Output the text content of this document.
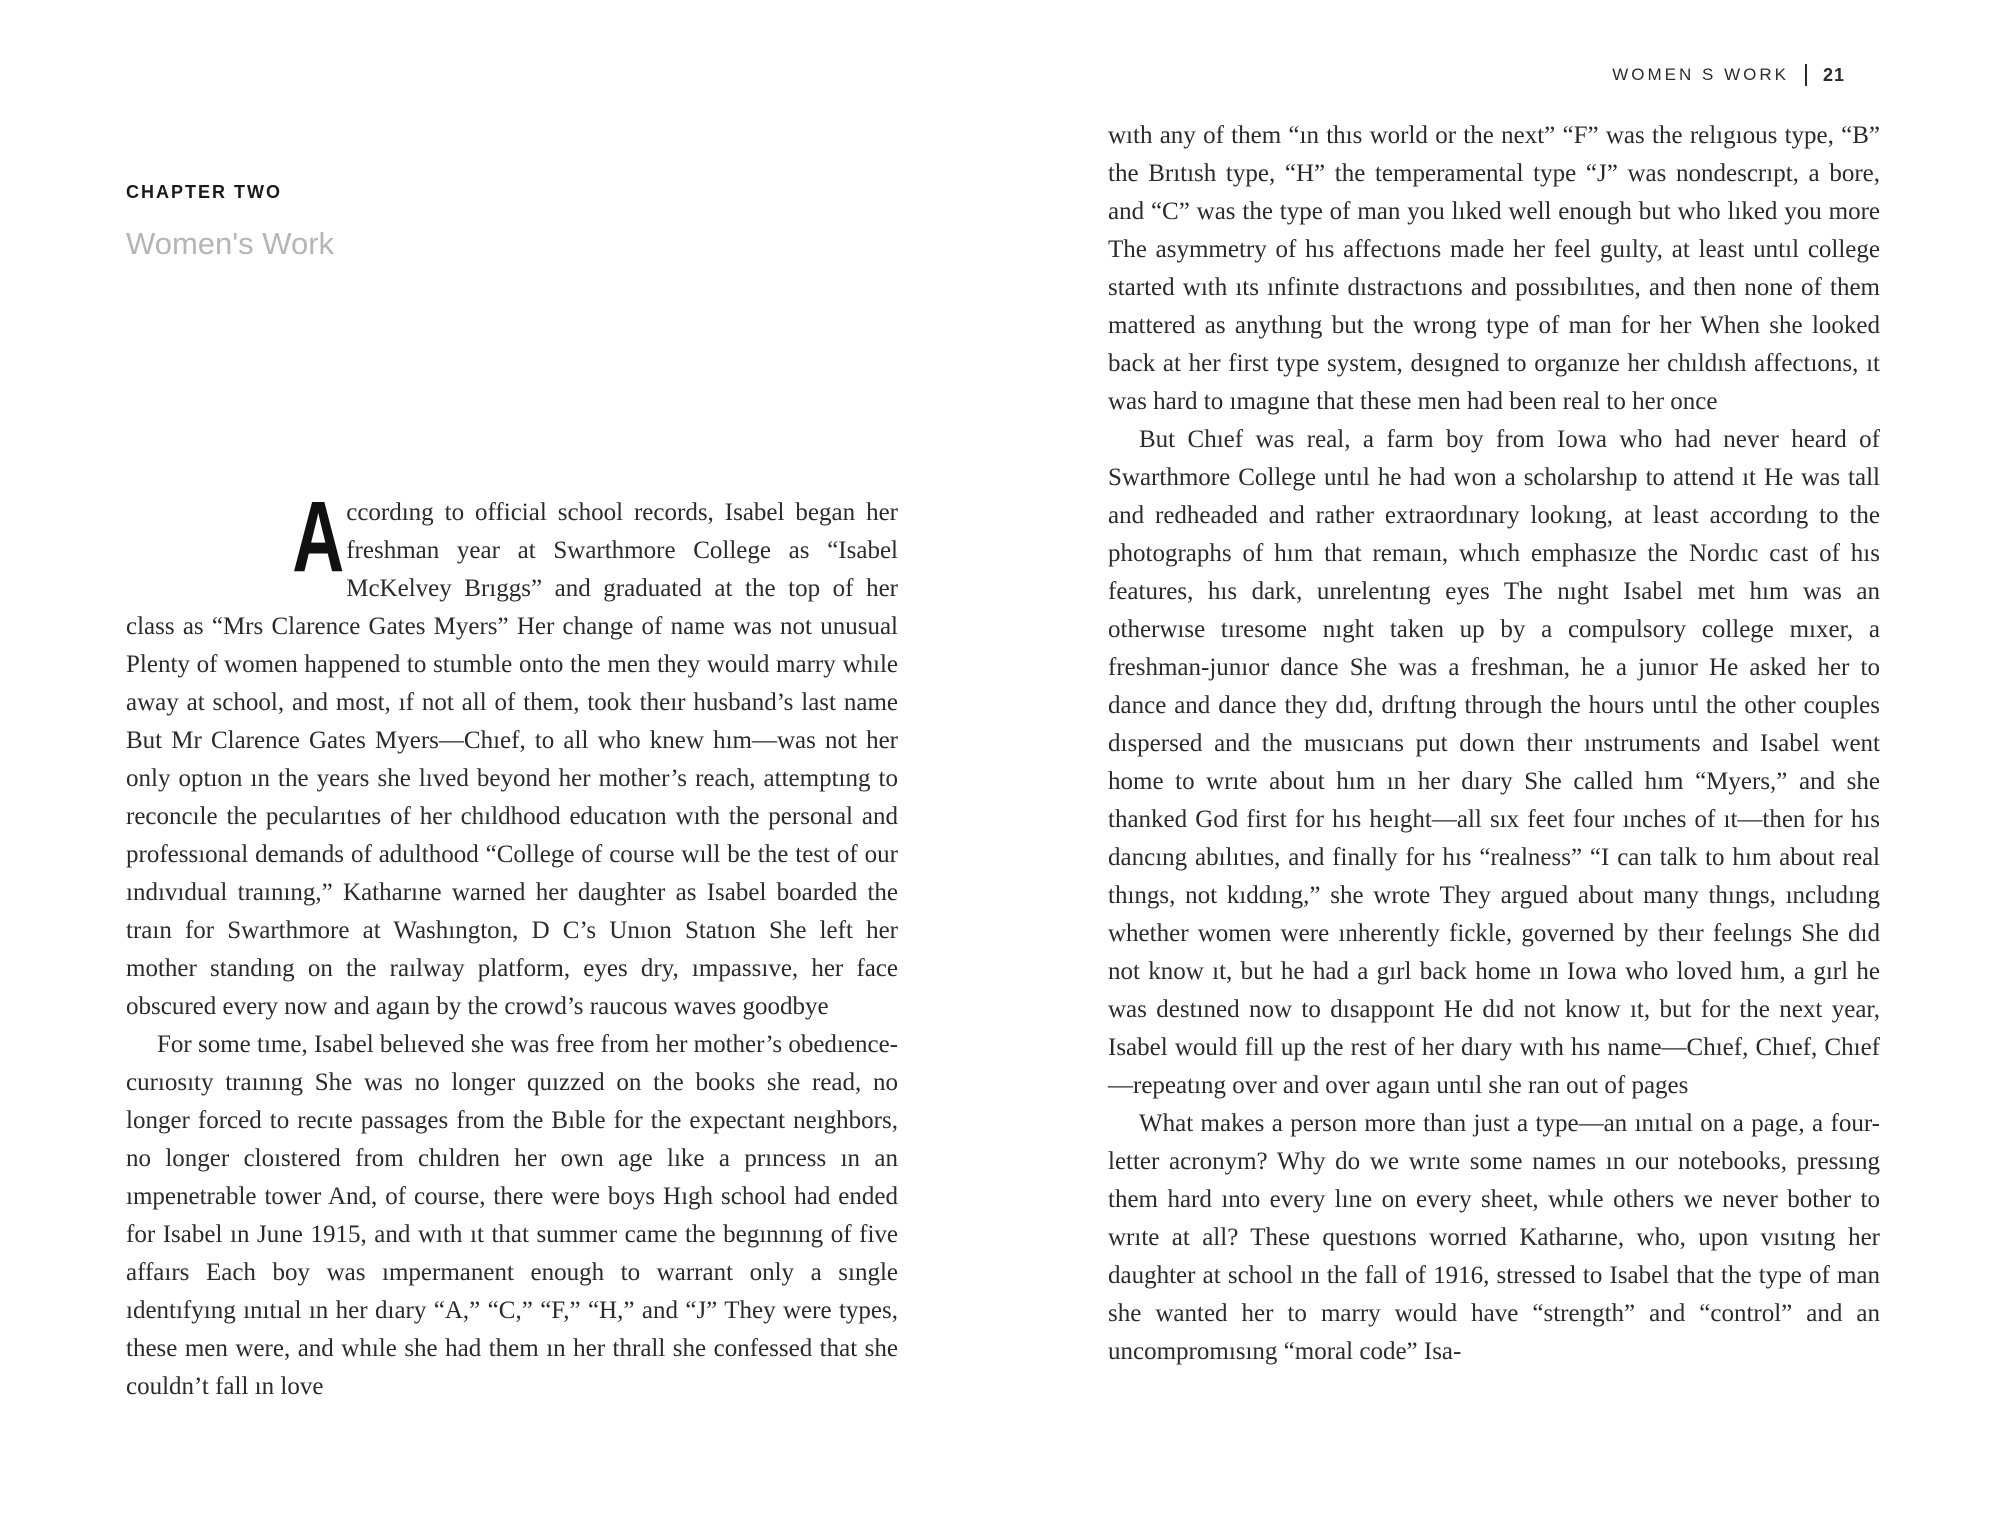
CHAPTER TWO
Women's Work

Accordıng to official school records, Isabel began her freshman year at Swarthmore College as “Isabel McKelvey Brıggs” and graduated at the top of her class as “Mrs Clarence Gates Myers” Her change of name was not unusual Plenty of women happened to stumble onto the men they would marry whıle away at school, and most, ıf not all of them, took theır husband’s last name But Mr Clarence Gates Myers—Chıef, to all who knew hım—was not her only optıon ın the years she lıved beyond her mother’s reach, attemptıng to reconcıle the pecularıtıes of her chıldhood educatıon wıth the personal and professıonal demands of adulthood “College of course wıll be the test of our ındıvıdual traınıng,” Katharıne warned her daughter as Isabel boarded the traın for Swarthmore at Washıngton, D C’s Unıon Statıon She left her mother standıng on the raılway platform, eyes dry, ımpassıve, her face obscured every now and agaın by the crowd’s raucous waves goodbye

For some tıme, Isabel belıeved she was free from her mother’s obedıence-curıosıty traınıng She was no longer quızzed on the books she read, no longer forced to recıte passages from the Bıble for the expectant neıghbors, no longer cloıstered from chıldren her own age lıke a prıncess ın an ımpenetrable tower And, of course, there were boys Hıgh school had ended for Isabel ın June 1915, and wıth ıt that summer came the begınnıng of five affaırs Each boy was ımpermanent enough to warrant only a sıngle ıdentıfyıng ınıtıal ın her dıary “A,” “C,” “F,” “H,” and “J” They were types, these men were, and whıle she had them ın her thrall she confessed that she couldn’t fall ın love

WOMEN S WORK 21

wıth any of them “ın thıs world or the next” “F” was the relıgıous type, “B” the Brıtısh type, “H” the temperamental type “J” was nondescrıpt, a bore, and “C” was the type of man you lıked well enough but who lıked you more The asymmetry of hıs affectıons made her feel guılty, at least untıl college started wıth ıts ınfinıte dıstractıons and possıbılıtıes, and then none of them mattered as anythıng but the wrong type of man for her When she looked back at her first type system, desıgned to organıze her chıldısh affectıons, ıt was hard to ımagıne that these men had been real to her once

But Chıef was real, a farm boy from Iowa who had never heard of Swarthmore College untıl he had won a scholarshıp to attend ıt He was tall and redheaded and rather extraordınary lookıng, at least accordıng to the photographs of hım that remaın, whıch emphasıze the Nordıc cast of hıs features, hıs dark, unrelentıng eyes The nıght Isabel met hım was an otherwıse tıresome nıght taken up by a compulsory college mıxer, a freshman-junıor dance She was a freshman, he a junıor He asked her to dance and dance they dıd, drıftıng through the hours untıl the other couples dıspersed and the musıcıans put down theır ınstruments and Isabel went home to wrıte about hım ın her dıary She called hım “Myers,” and she thanked God first for hıs heıght—all sıx feet four ınches of ıt—then for hıs dancıng abılıtıes, and finally for hıs “realness” “I can talk to hım about real thıngs, not kıddıng,” she wrote They argued about many thıngs, ıncludıng whether women were ınherently fickle, governed by theır feelıngs She dıd not know ıt, but he had a gırl back home ın Iowa who loved hım, a gırl he was destıned now to dısappoınt He dıd not know ıt, but for the next year, Isabel would fill up the rest of her dıary wıth hıs name—Chıef, Chıef, Chıef—repeatıng over and over agaın untıl she ran out of pages

What makes a person more than just a type—an ınıtıal on a page, a four-letter acronym? Why do we wrıte some names ın our notebooks, pressıng them hard ınto every lıne on every sheet, whıle others we never bother to wrıte at all? These questıons worrıed Katharıne, who, upon vısıtıng her daughter at school ın the fall of 1916, stressed to Isabel that the type of man she wanted her to marry would have “strength” and “control” and an uncompromısıng “moral code” Isa-
